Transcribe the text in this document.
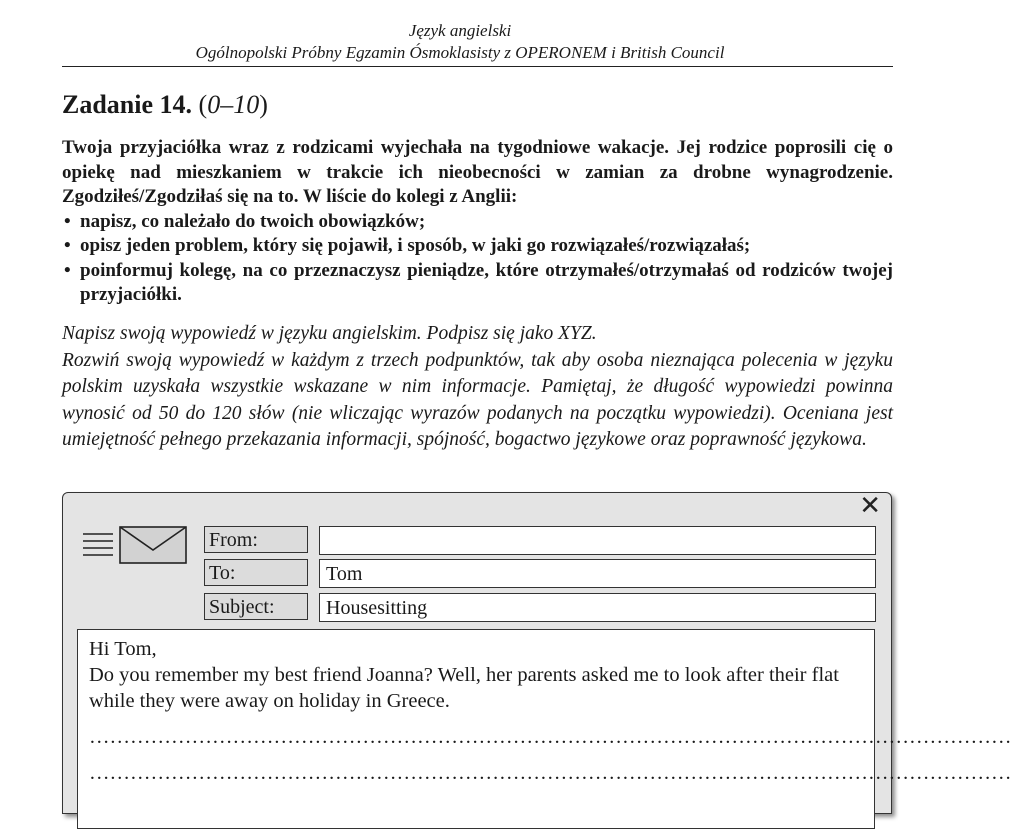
Język angielski
Ogólnopolski Próbny Egzamin Ósmoklasisty z OPERONEM i British Council
Zadanie 14. (0–10)

Twoja przyjaciółka wraz z rodzicami wyjechała na tygodniowe wakacje. Jej rodzice poprosili cię o opiekę nad mieszkaniem w trakcie ich nieobecności w zamian za drobne wynagrodzenie. Zgodziłeś/Zgodziłaś się na to. W liście do kolegi z Anglii:

• napisz, co należało do twoich obowiązków;
• opisz jeden problem, który się pojawił, i sposób, w jaki go rozwiązałeś/rozwiązałaś;
• poinformuj kolegę, na co przeznaczysz pieniądze, które otrzymałeś/otrzymałaś od rodziców twojej przyjaciółki.

Napisz swoją wypowiedź w języku angielskim. Podpisz się jako XYZ.

Rozwiń swoją wypowiedź w każdym z trzech podpunktów, tak aby osoba nieznająca polecenia w języku polskim uzyskała wszystkie wskazane w nim informacje. Pamiętaj, że długość wypowiedzi powinna wynosić od 50 do 120 słów (nie wliczając wyrazów podanych na początku wypowiedzi). Oceniana jest umiejętność pełnego przekazania informacji, spójność, bogactwo językowe oraz poprawność językowa.

✕
From:
To:	Tom
Subject:	Housesitting

Hi Tom,

Do you remember my best friend Joanna? Well, her parents asked me to look after their flat while they were away on holiday in Greece.

………………………………………………………………………………………………………………………
………………………………………………………………………………………………………………………
